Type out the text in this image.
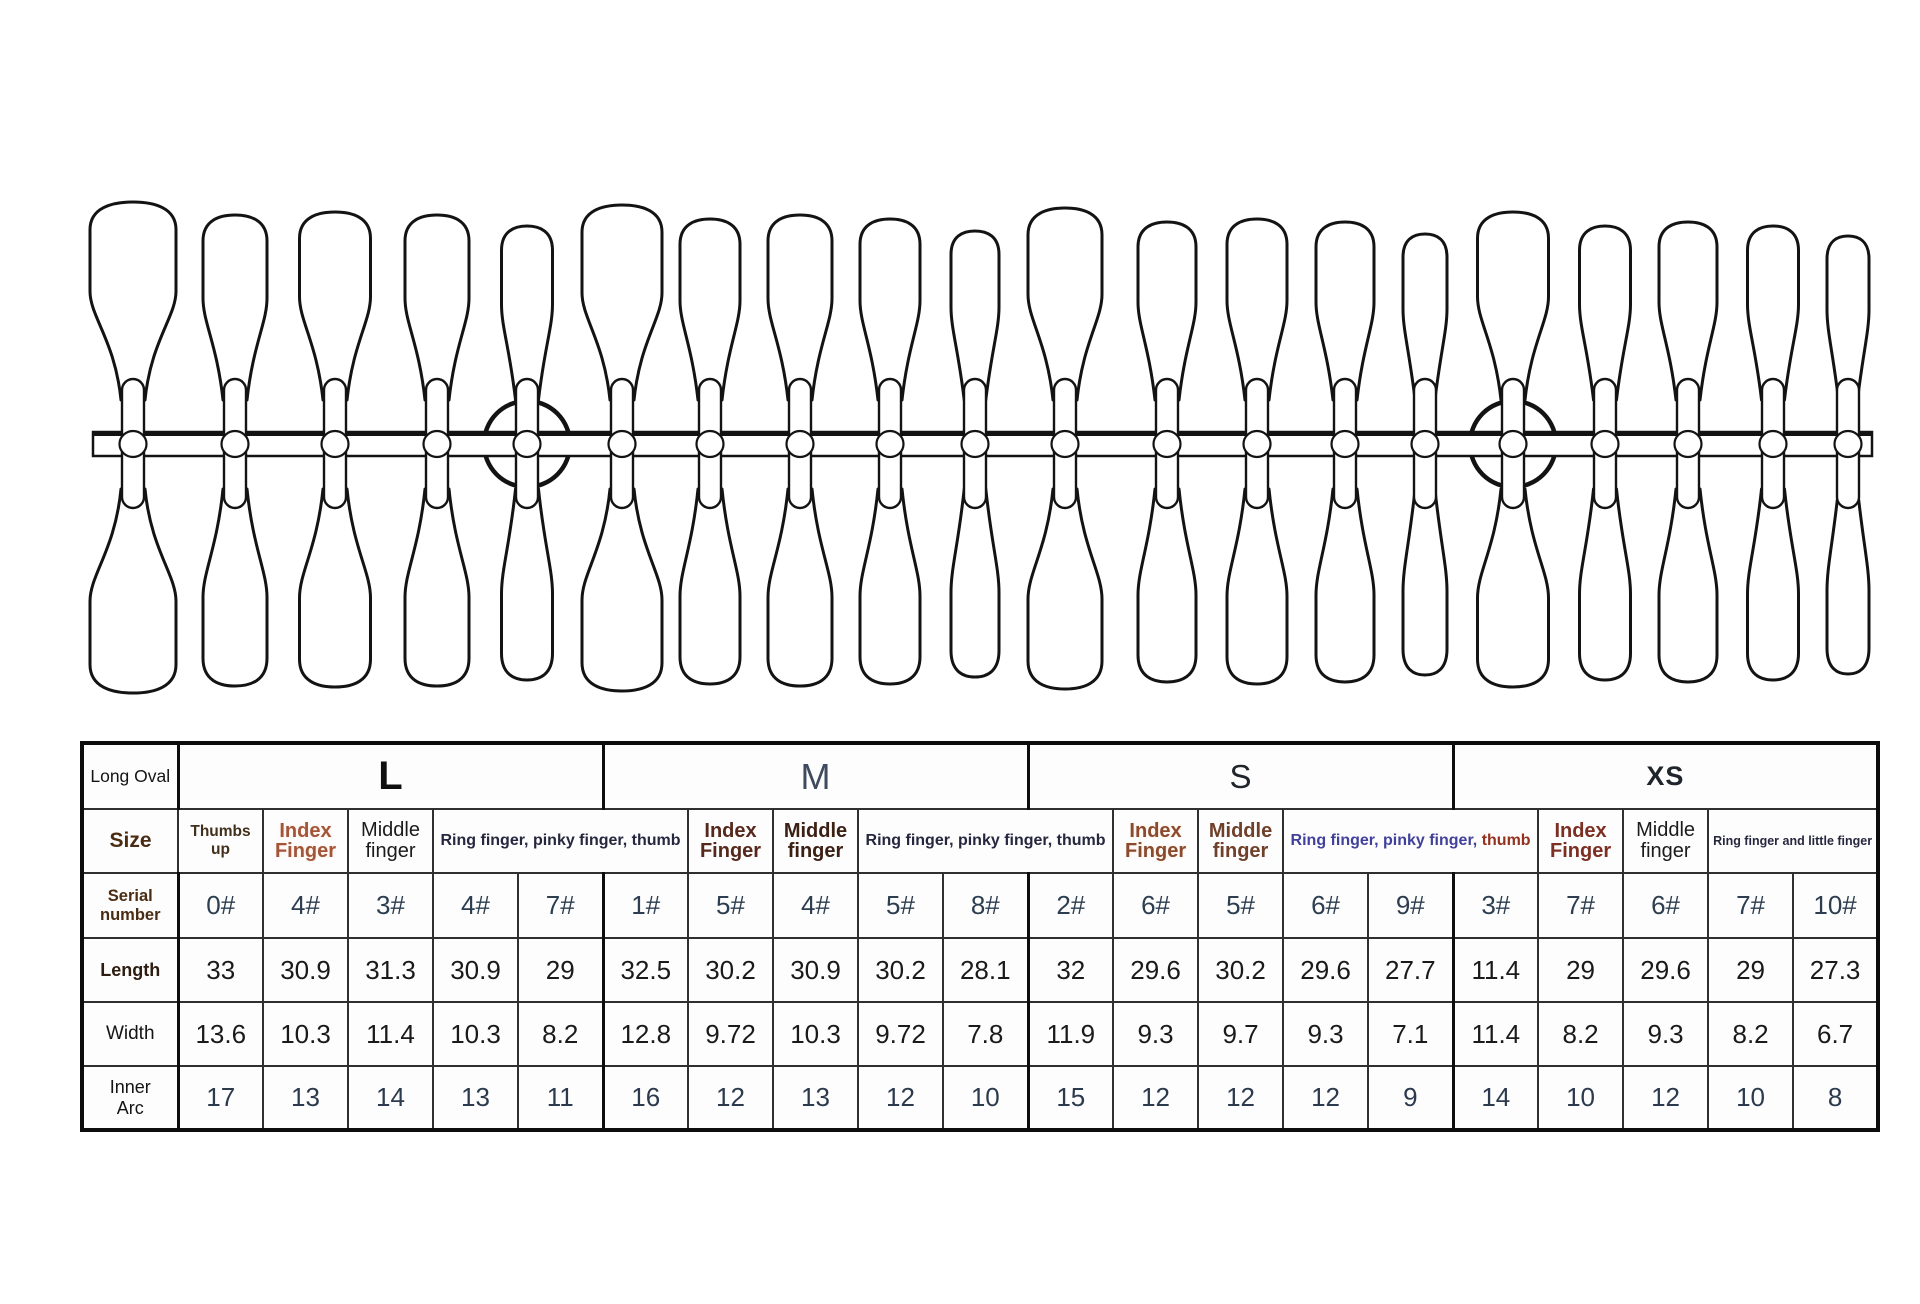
Long Oval	L					M					S					XS				
Size	Thumbs up	Index Finger	Middle finger	Ring finger, pinky finger, thumb			Index Finger	Middle finger	Ring finger, pinky finger, thumb			Index Finger	Middle finger	Ring finger, pinky finger, thumb			Index Finger	Middle finger	Ring finger and little finger	

Serial
number	0#	4#	3#	4#	7#	1#	5#	4#	5#	8#	2#	6#	5#	6#	9#	3#	7#	6#	7#	10#
Length	33	30.9	31.3	30.9	29	32.5	30.2	30.9	30.2	28.1	32	29.6	30.2	29.6	27.7	11.4	29	29.6	29	27.3
Width	13.6	10.3	11.4	10.3	8.2	12.8	9.72	10.3	9.72	7.8	11.9	9.3	9.7	9.3	7.1	11.4	8.2	9.3	8.2	6.7

Inner
Arc	17	13	14	13	11	16	12	13	12	10	15	12	12	12	9	14	10	12	10	8
